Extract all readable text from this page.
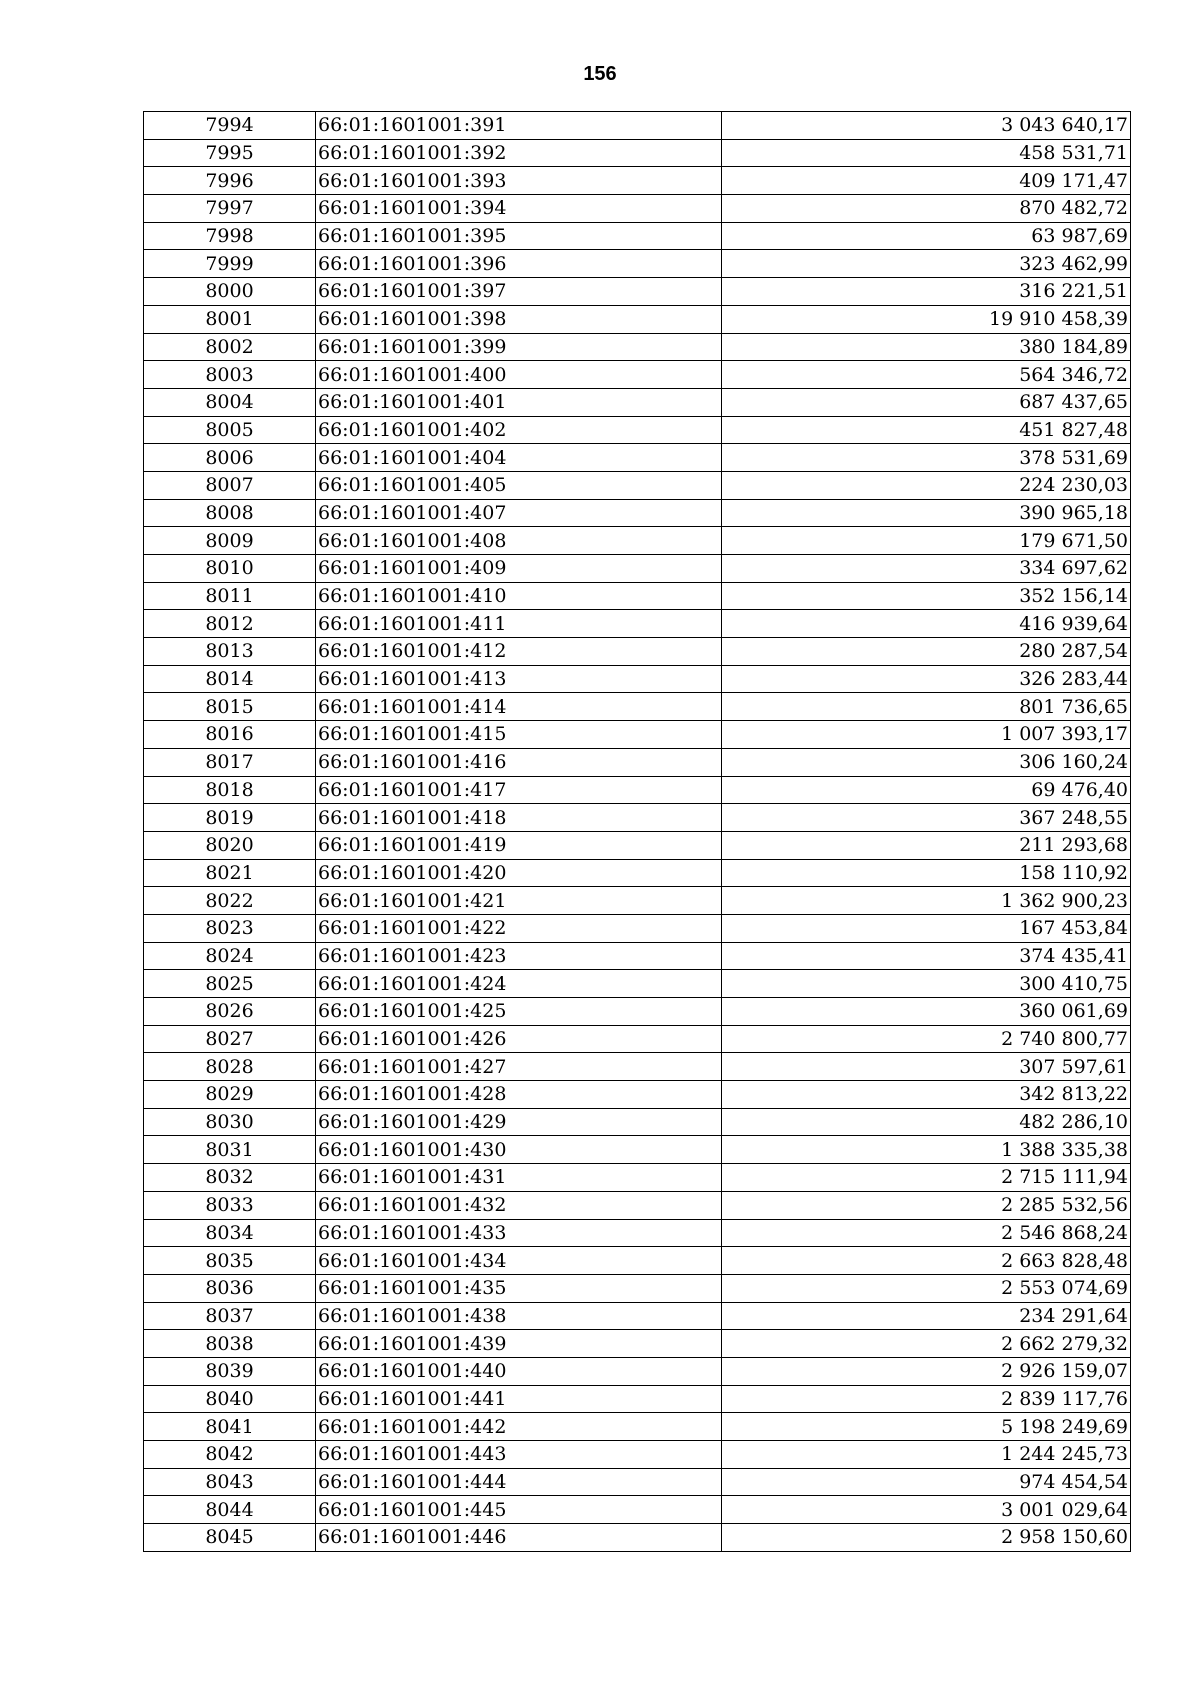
156
7994	66:01:1601001:391	3 043 640,17
7995	66:01:1601001:392	458 531,71
7996	66:01:1601001:393	409 171,47
7997	66:01:1601001:394	870 482,72
7998	66:01:1601001:395	63 987,69
7999	66:01:1601001:396	323 462,99
8000	66:01:1601001:397	316 221,51
8001	66:01:1601001:398	19 910 458,39
8002	66:01:1601001:399	380 184,89
8003	66:01:1601001:400	564 346,72
8004	66:01:1601001:401	687 437,65
8005	66:01:1601001:402	451 827,48
8006	66:01:1601001:404	378 531,69
8007	66:01:1601001:405	224 230,03
8008	66:01:1601001:407	390 965,18
8009	66:01:1601001:408	179 671,50
8010	66:01:1601001:409	334 697,62
8011	66:01:1601001:410	352 156,14
8012	66:01:1601001:411	416 939,64
8013	66:01:1601001:412	280 287,54
8014	66:01:1601001:413	326 283,44
8015	66:01:1601001:414	801 736,65
8016	66:01:1601001:415	1 007 393,17
8017	66:01:1601001:416	306 160,24
8018	66:01:1601001:417	69 476,40
8019	66:01:1601001:418	367 248,55
8020	66:01:1601001:419	211 293,68
8021	66:01:1601001:420	158 110,92
8022	66:01:1601001:421	1 362 900,23
8023	66:01:1601001:422	167 453,84
8024	66:01:1601001:423	374 435,41
8025	66:01:1601001:424	300 410,75
8026	66:01:1601001:425	360 061,69
8027	66:01:1601001:426	2 740 800,77
8028	66:01:1601001:427	307 597,61
8029	66:01:1601001:428	342 813,22
8030	66:01:1601001:429	482 286,10
8031	66:01:1601001:430	1 388 335,38
8032	66:01:1601001:431	2 715 111,94
8033	66:01:1601001:432	2 285 532,56
8034	66:01:1601001:433	2 546 868,24
8035	66:01:1601001:434	2 663 828,48
8036	66:01:1601001:435	2 553 074,69
8037	66:01:1601001:438	234 291,64
8038	66:01:1601001:439	2 662 279,32
8039	66:01:1601001:440	2 926 159,07
8040	66:01:1601001:441	2 839 117,76
8041	66:01:1601001:442	5 198 249,69
8042	66:01:1601001:443	1 244 245,73
8043	66:01:1601001:444	974 454,54
8044	66:01:1601001:445	3 001 029,64
8045	66:01:1601001:446	2 958 150,60
